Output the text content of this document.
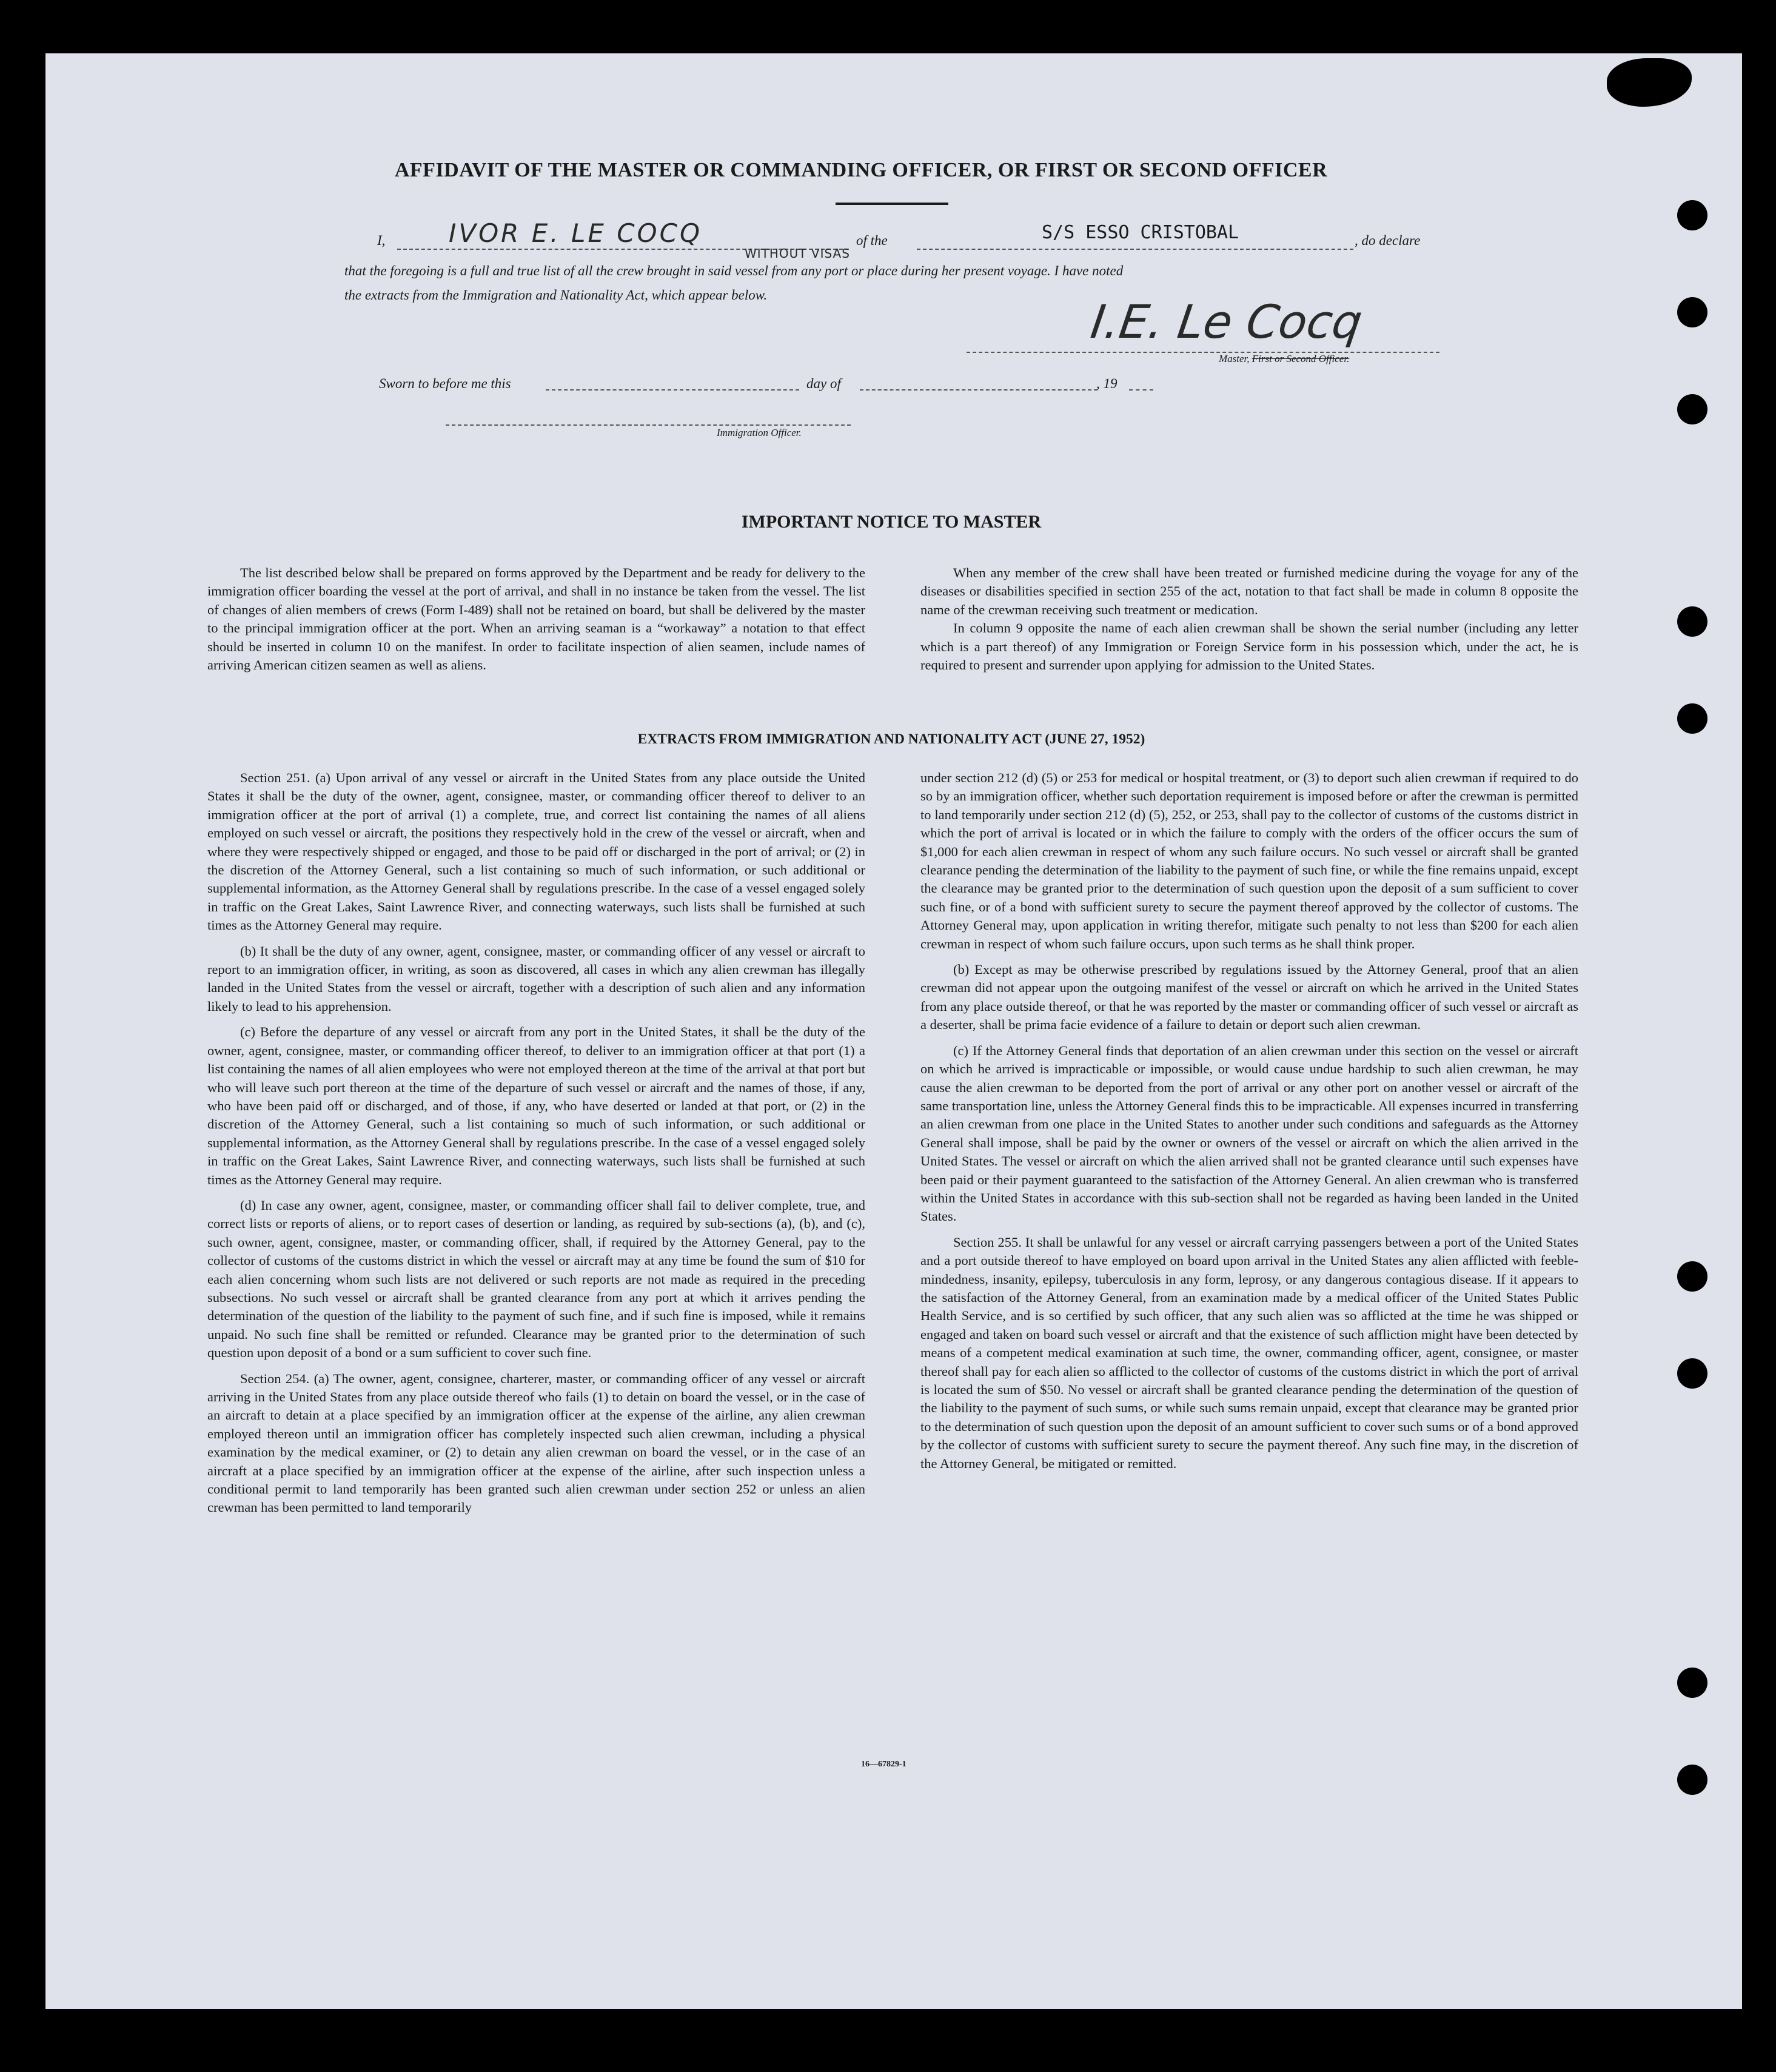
AFFIDAVIT OF THE MASTER OR COMMANDING OFFICER, OR FIRST OR SECOND OFFICER
I, IVOR E. LE COCQ
WITHOUT VISAS
of the	S/S ESSO CRISTOBAL	, do declare
that the foregoing is a full and true list of all the crew brought in said vessel from any port or place during her present voyage. I have noted
the extracts from the Immigration and Nationality Act, which appear below.	I.E. Le Cocq
Master, First or Second Officer.
Sworn to before me this	day of	, 19
Immigration Officer.
IMPORTANT NOTICE TO MASTER

The list described below shall be prepared on forms approved by the Department and be ready for delivery to the immigration officer boarding the vessel at the port of arrival, and shall in no instance be taken from the vessel. The list of changes of alien members of crews (Form I-489) shall not be retained on board, but shall be delivered by the master to the principal immigration officer at the port. When an arriving seaman is a “workaway” a notation to that effect should be inserted in column 10 on the manifest. In order to facilitate inspection of alien seamen, include names of arriving American citizen seamen as well as aliens.

When any member of the crew shall have been treated or furnished medicine during the voyage for any of the diseases or disabilities specified in section 255 of the act, notation to that fact shall be made in column 8 opposite the name of the crewman receiving such treatment or medication.

In column 9 opposite the name of each alien crewman shall be shown the serial number (including any letter which is a part thereof) of any Immigration or Foreign Service form in his possession which, under the act, he is required to present and surrender upon applying for admission to the United States.

EXTRACTS FROM IMMIGRATION AND NATIONALITY ACT (JUNE 27, 1952)

Section 251. (a) Upon arrival of any vessel or aircraft in the United States from any place outside the United States it shall be the duty of the owner, agent, consignee, master, or commanding officer thereof to deliver to an immigration officer at the port of arrival (1) a complete, true, and correct list containing the names of all aliens employed on such vessel or aircraft, the positions they respectively hold in the crew of the vessel or aircraft, when and where they were respectively shipped or engaged, and those to be paid off or discharged in the port of arrival; or (2) in the discretion of the Attorney General, such a list containing so much of such information, or such additional or supplemental information, as the Attorney General shall by regulations prescribe. In the case of a vessel engaged solely in traffic on the Great Lakes, Saint Lawrence River, and connecting waterways, such lists shall be furnished at such times as the Attorney General may require.

(b) It shall be the duty of any owner, agent, consignee, master, or commanding officer of any vessel or aircraft to report to an immigration officer, in writing, as soon as discovered, all cases in which any alien crewman has illegally landed in the United States from the vessel or aircraft, together with a description of such alien and any information likely to lead to his apprehension.

(c) Before the departure of any vessel or aircraft from any port in the United States, it shall be the duty of the owner, agent, consignee, master, or commanding officer thereof, to deliver to an immigration officer at that port (1) a list containing the names of all alien employees who were not employed thereon at the time of the arrival at that port but who will leave such port thereon at the time of the departure of such vessel or aircraft and the names of those, if any, who have been paid off or discharged, and of those, if any, who have deserted or landed at that port, or (2) in the discretion of the Attorney General, such a list containing so much of such information, or such additional or supplemental information, as the Attorney General shall by regulations prescribe. In the case of a vessel engaged solely in traffic on the Great Lakes, Saint Lawrence River, and connecting waterways, such lists shall be furnished at such times as the Attorney General may require.

(d) In case any owner, agent, consignee, master, or commanding officer shall fail to deliver complete, true, and correct lists or reports of aliens, or to report cases of desertion or landing, as required by sub-sections (a), (b), and (c), such owner, agent, consignee, master, or commanding officer, shall, if required by the Attorney General, pay to the collector of customs of the customs district in which the vessel or aircraft may at any time be found the sum of $10 for each alien concerning whom such lists are not delivered or such reports are not made as required in the preceding subsections. No such vessel or aircraft shall be granted clearance from any port at which it arrives pending the determination of the question of the liability to the payment of such fine, and if such fine is imposed, while it remains unpaid. No such fine shall be remitted or refunded. Clearance may be granted prior to the determination of such question upon deposit of a bond or a sum sufficient to cover such fine.

Section 254. (a) The owner, agent, consignee, charterer, master, or commanding officer of any vessel or aircraft arriving in the United States from any place outside thereof who fails (1) to detain on board the vessel, or in the case of an aircraft to detain at a place specified by an immigration officer at the expense of the airline, any alien crewman employed thereon until an immigration officer has completely inspected such alien crewman, including a physical examination by the medical examiner, or (2) to detain any alien crewman on board the vessel, or in the case of an aircraft at a place specified by an immigration officer at the expense of the airline, after such inspection unless a conditional permit to land temporarily has been granted such alien crewman under section 252 or unless an alien crewman has been permitted to land temporarily

under section 212 (d) (5) or 253 for medical or hospital treatment, or (3) to deport such alien crewman if required to do so by an immigration officer, whether such deportation requirement is imposed before or after the crewman is permitted to land temporarily under section 212 (d) (5), 252, or 253, shall pay to the collector of customs of the customs district in which the port of arrival is located or in which the failure to comply with the orders of the officer occurs the sum of $1,000 for each alien crewman in respect of whom any such failure occurs. No such vessel or aircraft shall be granted clearance pending the determination of the liability to the payment of such fine, or while the fine remains unpaid, except the clearance may be granted prior to the determination of such question upon the deposit of a sum sufficient to cover such fine, or of a bond with sufficient surety to secure the payment thereof approved by the collector of customs. The Attorney General may, upon application in writing therefor, mitigate such penalty to not less than $200 for each alien crewman in respect of whom such failure occurs, upon such terms as he shall think proper.

(b) Except as may be otherwise prescribed by regulations issued by the Attorney General, proof that an alien crewman did not appear upon the outgoing manifest of the vessel or aircraft on which he arrived in the United States from any place outside thereof, or that he was reported by the master or commanding officer of such vessel or aircraft as a deserter, shall be prima facie evidence of a failure to detain or deport such alien crewman.

(c) If the Attorney General finds that deportation of an alien crewman under this section on the vessel or aircraft on which he arrived is impracticable or impossible, or would cause undue hardship to such alien crewman, he may cause the alien crewman to be deported from the port of arrival or any other port on another vessel or aircraft of the same transportation line, unless the Attorney General finds this to be impracticable. All expenses incurred in transferring an alien crewman from one place in the United States to another under such conditions and safeguards as the Attorney General shall impose, shall be paid by the owner or owners of the vessel or aircraft on which the alien arrived in the United States. The vessel or aircraft on which the alien arrived shall not be granted clearance until such expenses have been paid or their payment guaranteed to the satisfaction of the Attorney General. An alien crewman who is transferred within the United States in accordance with this sub-section shall not be regarded as having been landed in the United States.

Section 255. It shall be unlawful for any vessel or aircraft carrying passengers between a port of the United States and a port outside thereof to have employed on board upon arrival in the United States any alien afflicted with feeble-mindedness, insanity, epilepsy, tuberculosis in any form, leprosy, or any dangerous contagious disease. If it appears to the satisfaction of the Attorney General, from an examination made by a medical officer of the United States Public Health Service, and is so certified by such officer, that any such alien was so afflicted at the time he was shipped or engaged and taken on board such vessel or aircraft and that the existence of such affliction might have been detected by means of a competent medical examination at such time, the owner, commanding officer, agent, consignee, or master thereof shall pay for each alien so afflicted to the collector of customs of the customs district in which the port of arrival is located the sum of $50. No vessel or aircraft shall be granted clearance pending the determination of the question of the liability to the payment of such sums, or while such sums remain unpaid, except that clearance may be granted prior to the determination of such question upon the deposit of an amount sufficient to cover such sums or of a bond approved by the collector of customs with sufficient surety to secure the payment thereof. Any such fine may, in the discretion of the Attorney General, be mitigated or remitted.

16—67829-1
